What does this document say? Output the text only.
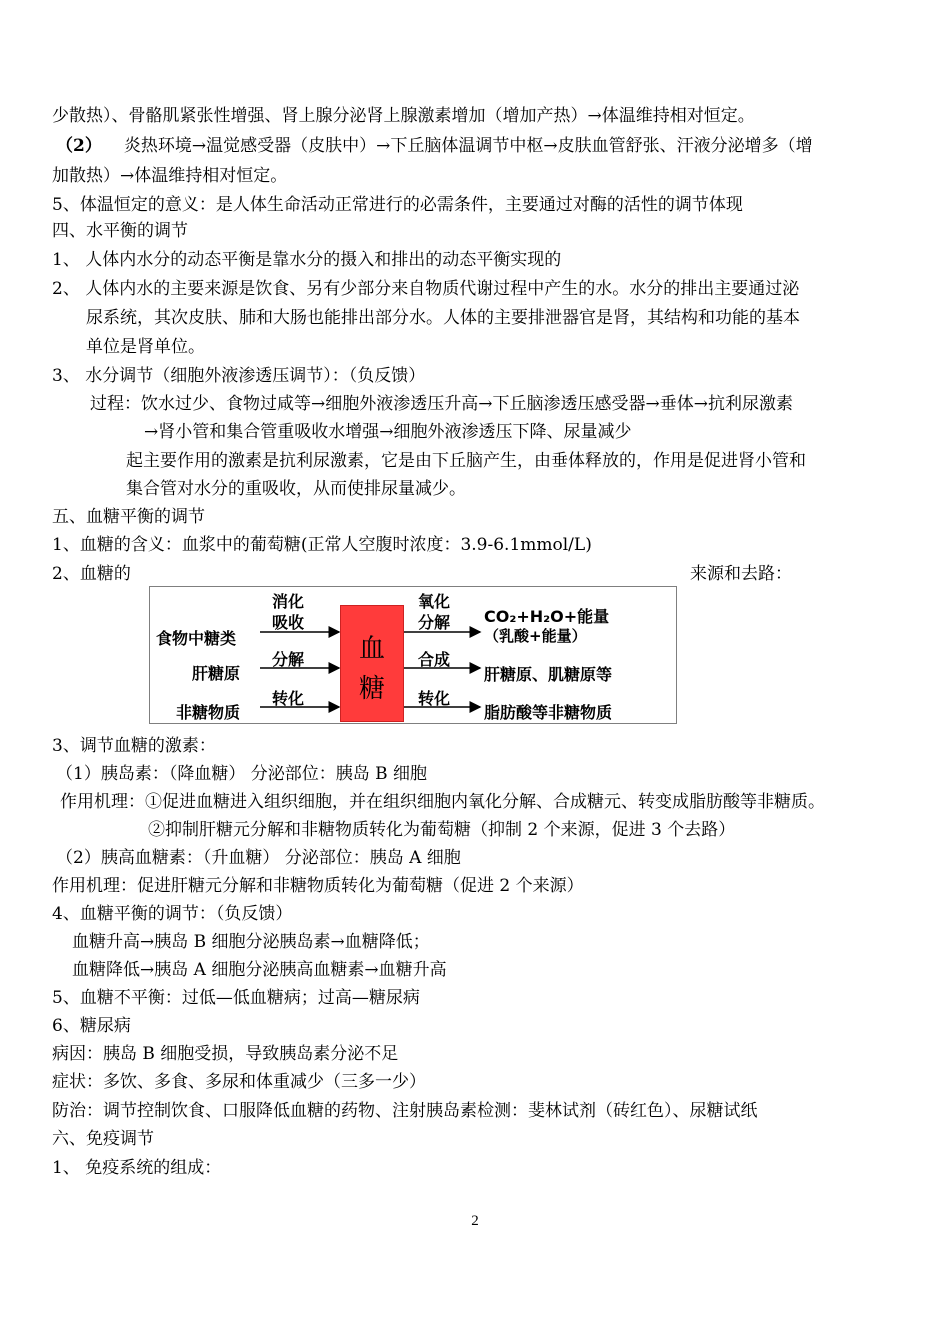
少散热）、骨骼肌紧张性增强、肾上腺分泌肾上腺激素增加（增加产热）→体温维持相对恒定。
（2） 炎热环境→温觉感受器（皮肤中）→下丘脑体温调节中枢→皮肤血管舒张、汗液分泌增多（增
加散热）→体温维持相对恒定。
5、体温恒定的意义：是人体生命活动正常进行的必需条件，主要通过对酶的活性的调节体现
四、水平衡的调节
1、 人体内水分的动态平衡是靠水分的摄入和排出的动态平衡实现的
2、 人体内水的主要来源是饮食、另有少部分来自物质代谢过程中产生的水。水分的排出主要通过泌
尿系统，其次皮肤、肺和大肠也能排出部分水。人体的主要排泄器官是肾，其结构和功能的基本
单位是肾单位。
3、 水分调节（细胞外液渗透压调节）：（负反馈）
过程：饮水过少、食物过咸等→细胞外液渗透压升高→下丘脑渗透压感受器→垂体→抗利尿激素
→肾小管和集合管重吸收水增强→细胞外液渗透压下降、尿量减少
起主要作用的激素是抗利尿激素，它是由下丘脑产生，由垂体释放的，作用是促进肾小管和
集合管对水分的重吸收，从而使排尿量减少。
五、血糖平衡的调节
1、血糖的含义：血浆中的葡萄糖(正常人空腹时浓度：3.9-6.1mmol/L)
2、血糖的	来源和去路：
食物中糖类
肝糖原
非糖物质
消化
吸收
分解
转化
血
糖
氧化
分解
合成
转化
CO₂+H₂O+能量
（乳酸+能量）
肝糖原、肌糖原等
脂肪酸等非糖物质
3、调节血糖的激素：
（1）胰岛素：（降血糖） 分泌部位：胰岛 B 细胞
作用机理：①促进血糖进入组织细胞，并在组织细胞内氧化分解、合成糖元、转变成脂肪酸等非糖质。
②抑制肝糖元分解和非糖物质转化为葡萄糖（抑制 2 个来源，促进 3 个去路）
（2）胰高血糖素：（升血糖） 分泌部位：胰岛 A 细胞
作用机理：促进肝糖元分解和非糖物质转化为葡萄糖（促进 2 个来源）
4、血糖平衡的调节：（负反馈）
血糖升高→胰岛 B 细胞分泌胰岛素→血糖降低；
血糖降低→胰岛 A 细胞分泌胰高血糖素→血糖升高
5、血糖不平衡：过低—低血糖病；过高—糖尿病
6、糖尿病
病因：胰岛 B 细胞受损，导致胰岛素分泌不足
症状：多饮、多食、多尿和体重减少（三多一少）
防治：调节控制饮食、口服降低血糖的药物、注射胰岛素检测：斐林试剂（砖红色）、尿糖试纸
六、免疫调节
1、 免疫系统的组成：
2
